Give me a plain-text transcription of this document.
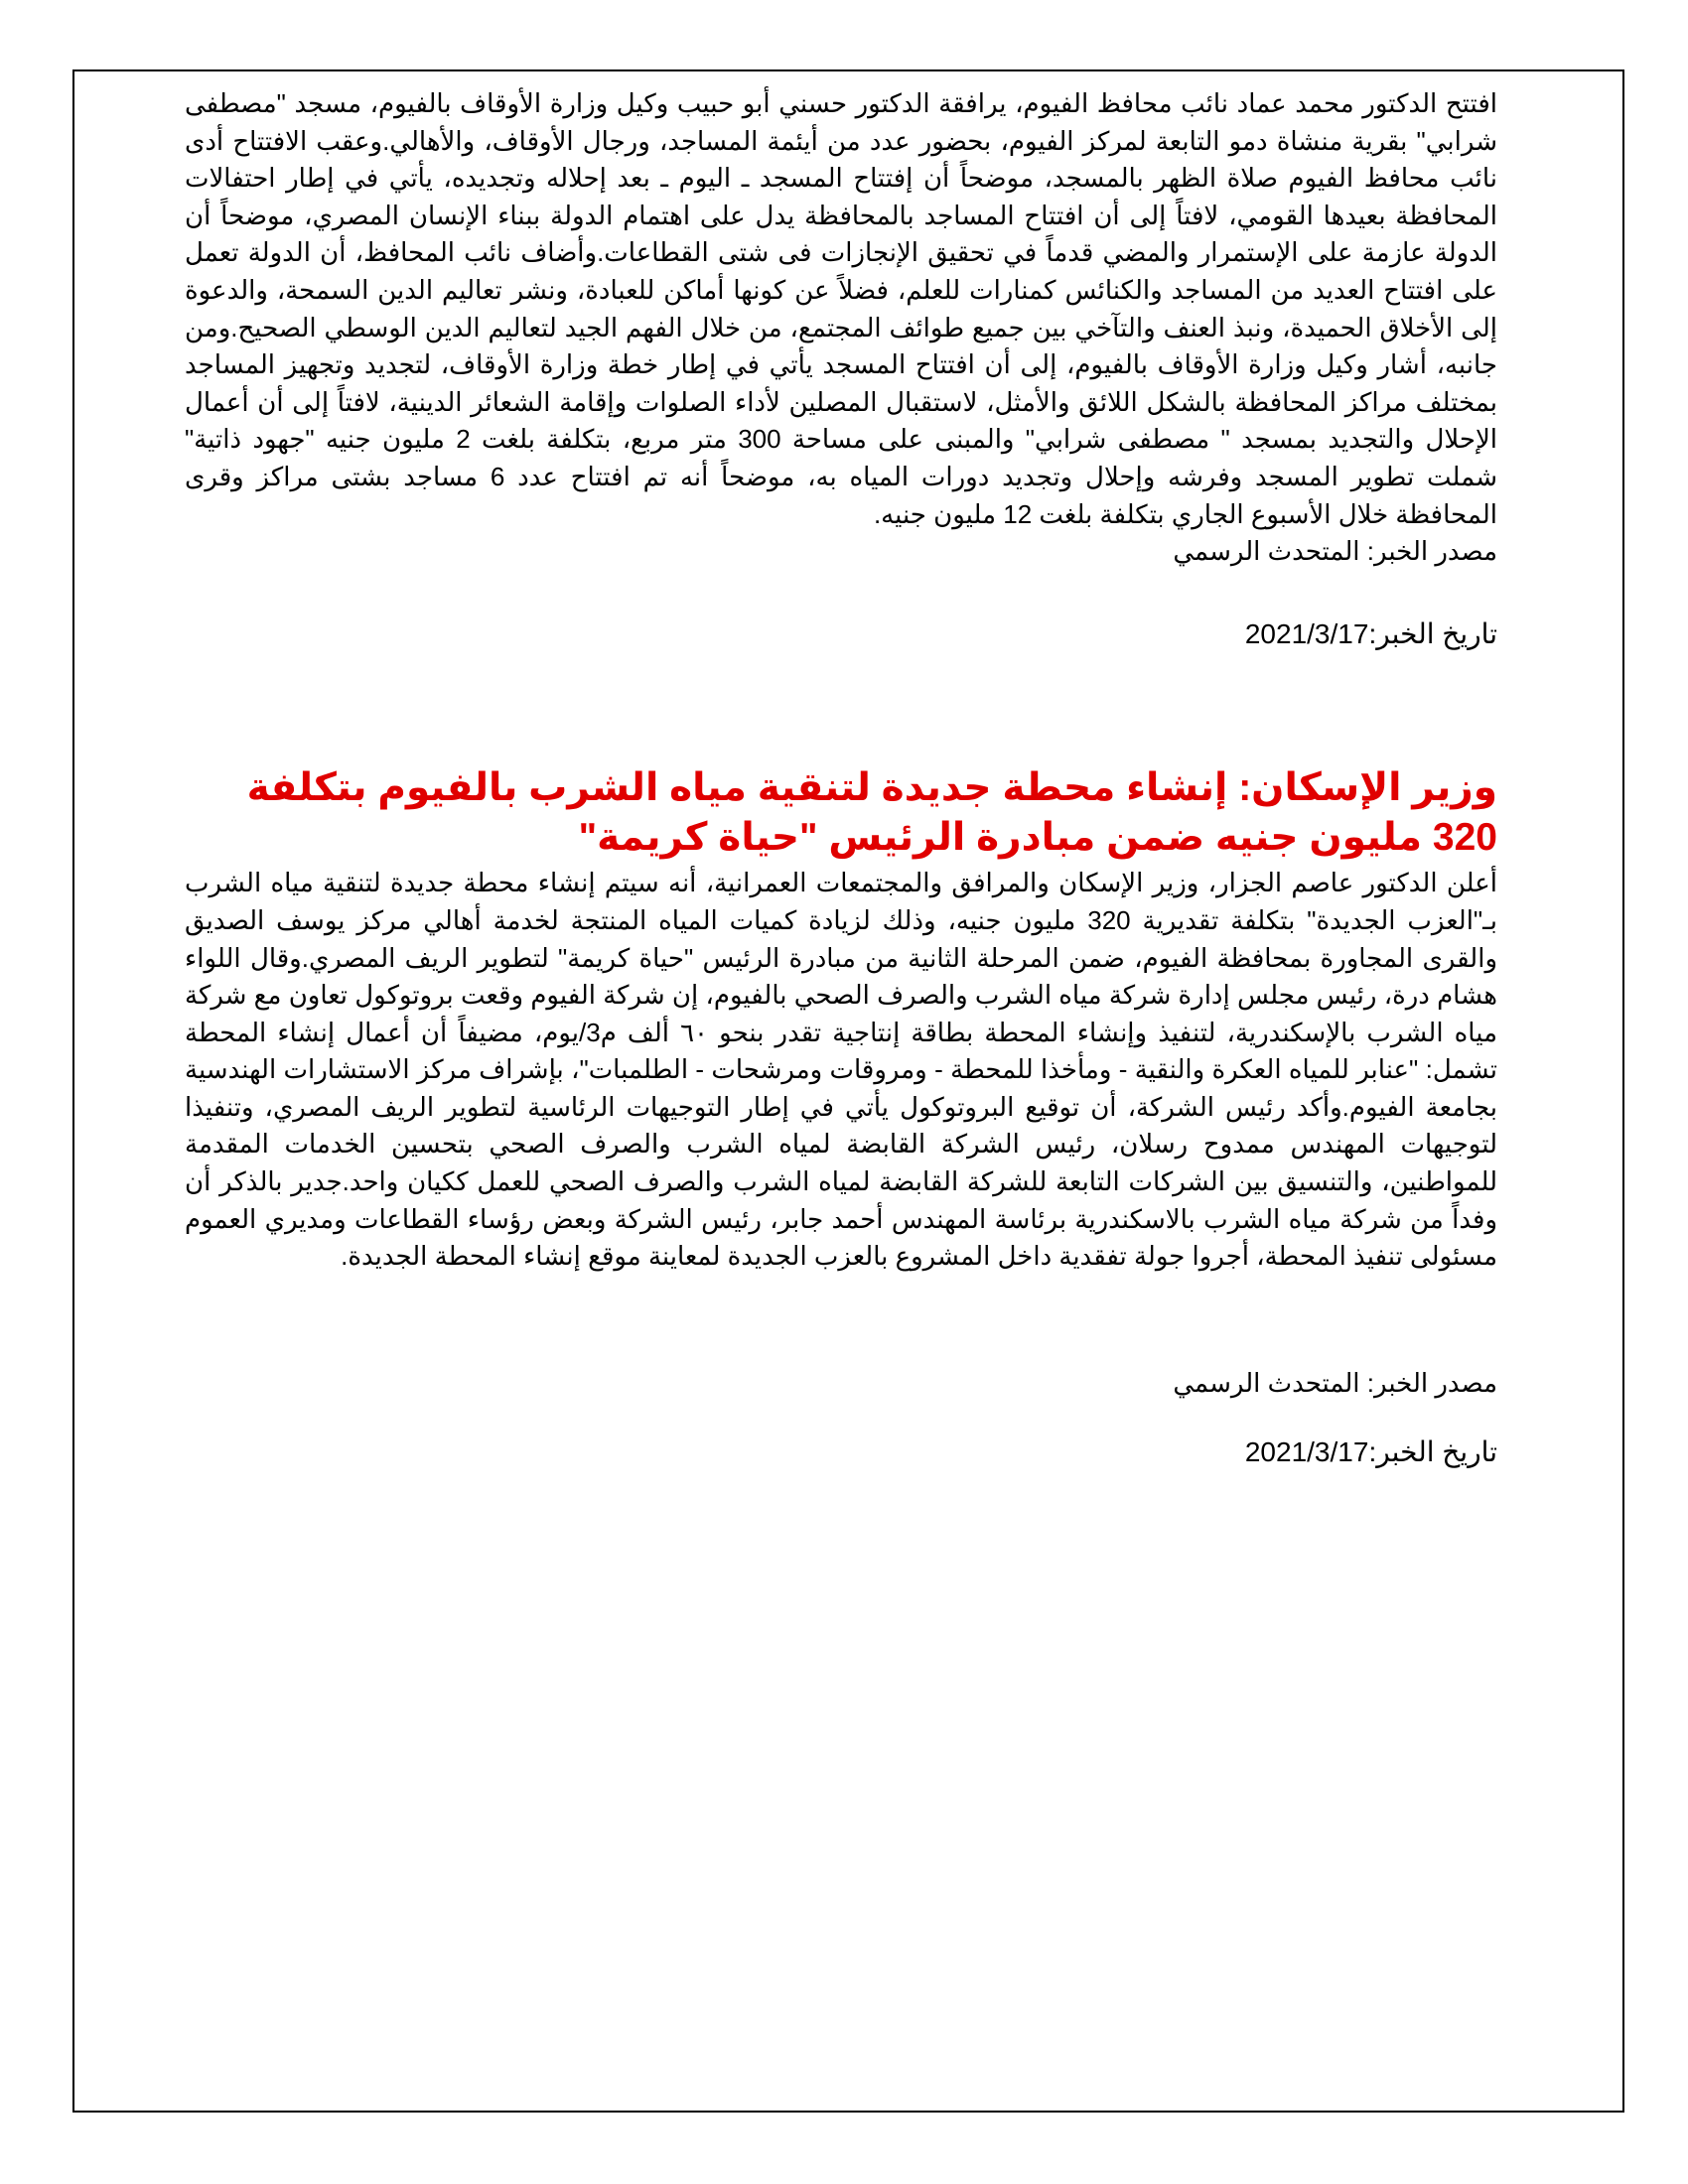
افتتح الدكتور محمد عماد نائب محافظ الفيوم، يرافقة الدكتور حسني أبو حبيب وكيل وزارة الأوقاف بالفيوم، مسجد "مصطفى شرابي" بقرية منشاة دمو التابعة لمركز الفيوم، بحضور عدد من أيئمة المساجد، ورجال الأوقاف، والأهالي.وعقب الافتتاح أدى نائب محافظ الفيوم صلاة الظهر بالمسجد، موضحاً أن إفتتاح المسجد ـ اليوم ـ بعد إحلاله وتجديده، يأتي في إطار احتفالات المحافظة بعيدها القومي، لافتاً إلى أن افتتاح المساجد بالمحافظة يدل على اهتمام الدولة ببناء الإنسان المصري، موضحاً أن الدولة عازمة على الإستمرار والمضي قدماً في تحقيق الإنجازات فى شتى القطاعات.وأضاف نائب المحافظ، أن الدولة تعمل على افتتاح العديد من المساجد والكنائس كمنارات للعلم، فضلاً عن كونها أماكن للعبادة، ونشر تعاليم الدين السمحة، والدعوة إلى الأخلاق الحميدة، ونبذ العنف والتآخي بين جميع طوائف المجتمع، من خلال الفهم الجيد لتعاليم الدين الوسطي الصحيح.ومن جانبه، أشار وكيل وزارة الأوقاف بالفيوم، إلى أن افتتاح المسجد يأتي في إطار خطة وزارة الأوقاف، لتجديد وتجهيز المساجد بمختلف مراكز المحافظة بالشكل اللائق والأمثل، لاستقبال المصلين لأداء الصلوات وإقامة الشعائر الدينية، لافتاً إلى أن أعمال الإحلال والتجديد بمسجد " مصطفى شرابي" والمبنى على مساحة 300 متر مربع، بتكلفة بلغت 2 مليون جنيه "جهود ذاتية" شملت تطوير المسجد وفرشه وإحلال وتجديد دورات المياه به، موضحاً أنه تم افتتاح عدد 6 مساجد بشتى مراكز وقرى المحافظة خلال الأسبوع الجاري بتكلفة بلغت 12 مليون جنيه.

مصدر الخبر: المتحدث الرسمي

تاريخ الخبر:2021/3/17

وزير الإسكان: إنشاء محطة جديدة لتنقية مياه الشرب بالفيوم بتكلفة 320 مليون جنيه ضمن مبادرة الرئيس "حياة كريمة"

أعلن الدكتور عاصم الجزار، وزير الإسكان والمرافق والمجتمعات العمرانية، أنه سيتم إنشاء محطة جديدة لتنقية مياه الشرب بـ"العزب الجديدة" بتكلفة تقديرية 320 مليون جنيه، وذلك لزيادة كميات المياه المنتجة لخدمة أهالي مركز يوسف الصديق والقرى المجاورة بمحافظة الفيوم، ضمن المرحلة الثانية من مبادرة الرئيس "حياة كريمة" لتطوير الريف المصري.وقال اللواء هشام درة، رئيس مجلس إدارة شركة مياه الشرب والصرف الصحي بالفيوم، إن شركة الفيوم وقعت بروتوكول تعاون مع شركة مياه الشرب بالإسكندرية، لتنفيذ وإنشاء المحطة بطاقة إنتاجية تقدر بنحو ٦٠ ألف م3/يوم، مضيفاً أن أعمال إنشاء المحطة تشمل: "عنابر للمياه العكرة والنقية - ومأخذا للمحطة - ومروقات ومرشحات - الطلمبات"، بإشراف مركز الاستشارات الهندسية بجامعة الفيوم.وأكد رئيس الشركة، أن توقيع البروتوكول يأتي في إطار التوجيهات الرئاسية لتطوير الريف المصري، وتنفيذا لتوجيهات المهندس ممدوح رسلان، رئيس الشركة القابضة لمياه الشرب والصرف الصحي بتحسين الخدمات المقدمة للمواطنين، والتنسيق بين الشركات التابعة للشركة القابضة لمياه الشرب والصرف الصحي للعمل ككيان واحد.جدير بالذكر أن وفداً من شركة مياه الشرب بالاسكندرية برئاسة المهندس أحمد جابر، رئيس الشركة وبعض رؤساء القطاعات ومديري العموم مسئولى تنفيذ المحطة، أجروا جولة تفقدية داخل المشروع بالعزب الجديدة لمعاينة موقع إنشاء المحطة الجديدة.

مصدر الخبر: المتحدث الرسمي

تاريخ الخبر:2021/3/17
